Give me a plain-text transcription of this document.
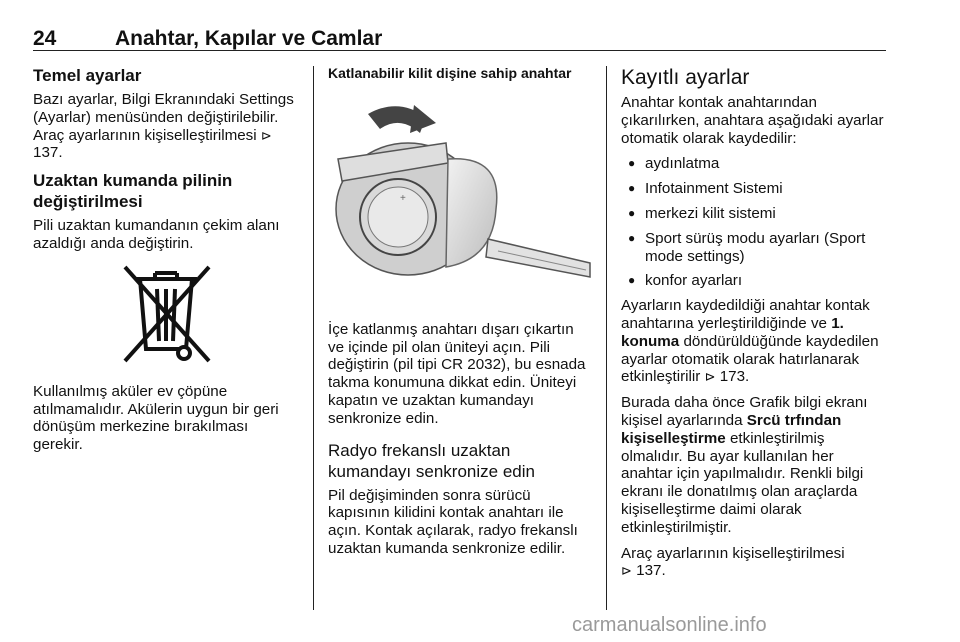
24	Anahtar, Kapılar ve Camlar
Temel ayarlar

Bazı ayarlar, Bilgi Ekranındaki Settings (Ayarlar) menüsünden değiştirilebilir. Araç ayarlarının kişiselleştirilmesi ⊳ 137.

Uzaktan kumanda pilinin değiştirilmesi

Pili uzaktan kumandanın çekim alanı azaldığı anda değiştirin.

Kullanılmış aküler ev çöpüne atılmamalıdır. Akülerin uygun bir geri dönüşüm merkezine bırakılması gerekir.

Katlanabilir kilit dişine sahip anahtar
+

İçe katlanmış anahtarı dışarı çıkartın ve içinde pil olan üniteyi açın. Pili değiştirin (pil tipi CR 2032), bu esnada takma konumuna dikkat edin. Üniteyi kapatın ve uzaktan kumandayı senkronize edin.

Radyo frekanslı uzaktan kumandayı senkronize edin

Pil değişiminden sonra sürücü kapısının kilidini kontak anahtarı ile açın. Kontak açılarak, radyo frekanslı uzaktan kumanda senkronize edilir.

Kayıtlı ayarlar

Anahtar kontak anahtarından çıkarılırken, anahtara aşağıdaki ayarlar otomatik olarak kaydedilir:

● aydınlatma
● Infotainment Sistemi
● merkezi kilit sistemi
● Sport sürüş modu ayarları (Sport mode settings)
● konfor ayarları

Ayarların kaydedildiği anahtar kontak anahtarına yerleştirildiğinde ve 1. konuma döndürüldüğünde kaydedilen ayarlar otomatik olarak hatırlanarak etkinleştirilir ⊳ 173.

Burada daha önce Grafik bilgi ekranı kişisel ayarlarında Srcü trfından kişiselleştirme etkinleştirilmiş olmalıdır. Bu ayar kullanılan her anahtar için yapılmalıdır. Renkli bilgi ekranı ile donatılmış olan araçlarda kişiselleştirme daimi olarak etkinleştirilmiştir.

Araç ayarlarının kişiselleştirilmesi
⊳ 137.

carmanualsonline.info
